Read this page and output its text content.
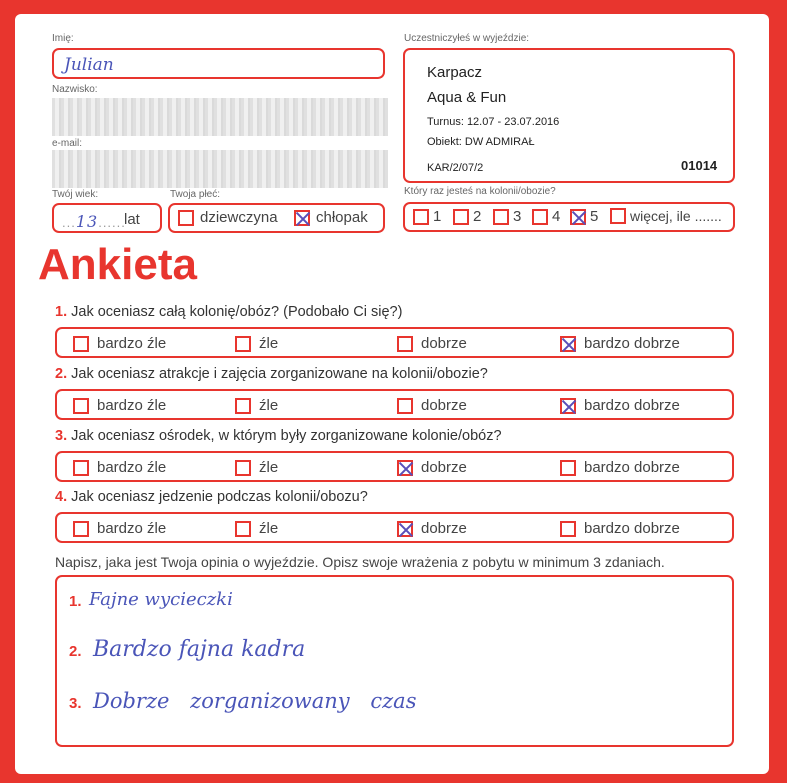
Imię:
Julian
Nazwisko:
e-mail:
Twój wiek:
...13......
lat
Twoja płeć:
dziewczyna	chłopak
Uczestniczyłeś w wyjeździe:
Karpacz
Aqua & Fun
Turnus: 12.07 - 23.07.2016
Obiekt: DW ADMIRAŁ
KAR/2/07/2	01014
Który raz jesteś na kolonii/obozie?
1 2 3 4 5 więcej, ile .......
Ankieta
1. Jak oceniasz całą kolonię/obóz? (Podobało Ci się?)
bardzo źle	źle	dobrze	bardzo dobrze
2. Jak oceniasz atrakcje i zajęcia zorganizowane na kolonii/obozie?
bardzo źle	źle	dobrze	bardzo dobrze
3. Jak oceniasz ośrodek, w którym były zorganizowane kolonie/obóz?
bardzo źle	źle	dobrze	bardzo dobrze
4. Jak oceniasz jedzenie podczas kolonii/obozu?
bardzo źle	źle	dobrze	bardzo dobrze
Napisz, jaka jest Twoja opinia o wyjeździe. Opisz swoje wrażenia z pobytu w minimum 3 zdaniach.
1. Fajne wycieczki
2. Bardzo fajna kadra
3. Dobrze zorganizowany czas
